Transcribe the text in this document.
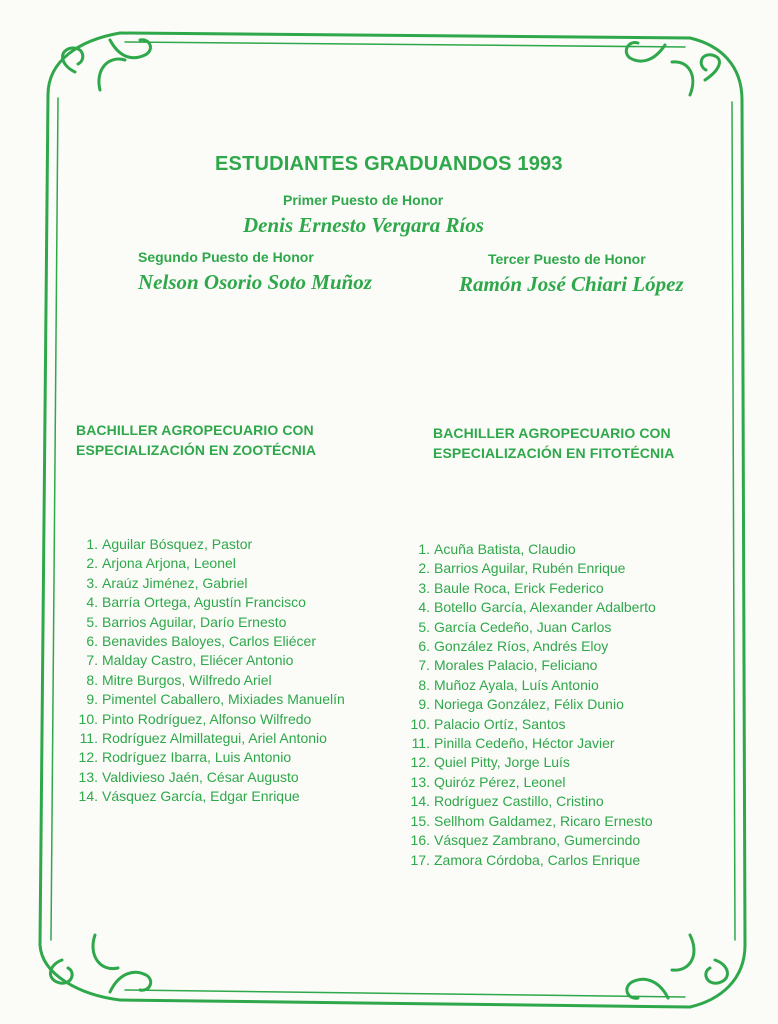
ESTUDIANTES GRADUANDOS 1993
Primer Puesto de Honor
Denis Ernesto Vergara Ríos
Segundo Puesto de Honor
Nelson Osorio Soto Muñoz
Tercer Puesto de Honor
Ramón José Chiari López
BACHILLER AGROPECUARIO CON
ESPECIALIZACIÓN EN ZOOTÉCNIA
BACHILLER AGROPECUARIO CON
ESPECIALIZACIÓN EN FITOTÉCNIA
1. Aguilar Bósquez, Pastor
2. Arjona Arjona, Leonel
3. Araúz Jiménez, Gabriel
4. Barría Ortega, Agustín Francisco
5. Barrios Aguilar, Darío Ernesto
6. Benavides Baloyes, Carlos Eliécer
7. Malday Castro, Eliécer Antonio
8. Mitre Burgos, Wilfredo Ariel
9. Pimentel Caballero, Mixiades Manuelín
10. Pinto Rodríguez, Alfonso Wilfredo
11. Rodríguez Almillategui, Ariel Antonio
12. Rodríguez Ibarra, Luis Antonio
13. Valdivieso Jaén, César Augusto
14. Vásquez García, Edgar Enrique
1. Acuña Batista, Claudio
2. Barrios Aguilar, Rubén Enrique
3. Baule Roca, Erick Federico
4. Botello García, Alexander Adalberto
5. García Cedeño, Juan Carlos
6. González Ríos, Andrés Eloy
7. Morales Palacio, Feliciano
8. Muñoz Ayala, Luís Antonio
9. Noriega González, Félix Dunio
10. Palacio Ortíz, Santos
11. Pinilla Cedeño, Héctor Javier
12. Quiel Pitty, Jorge Luís
13. Quiróz Pérez, Leonel
14. Rodríguez Castillo, Cristino
15. Sellhom Galdamez, Ricaro Ernesto
16. Vásquez Zambrano, Gumercindo
17. Zamora Córdoba, Carlos Enrique
